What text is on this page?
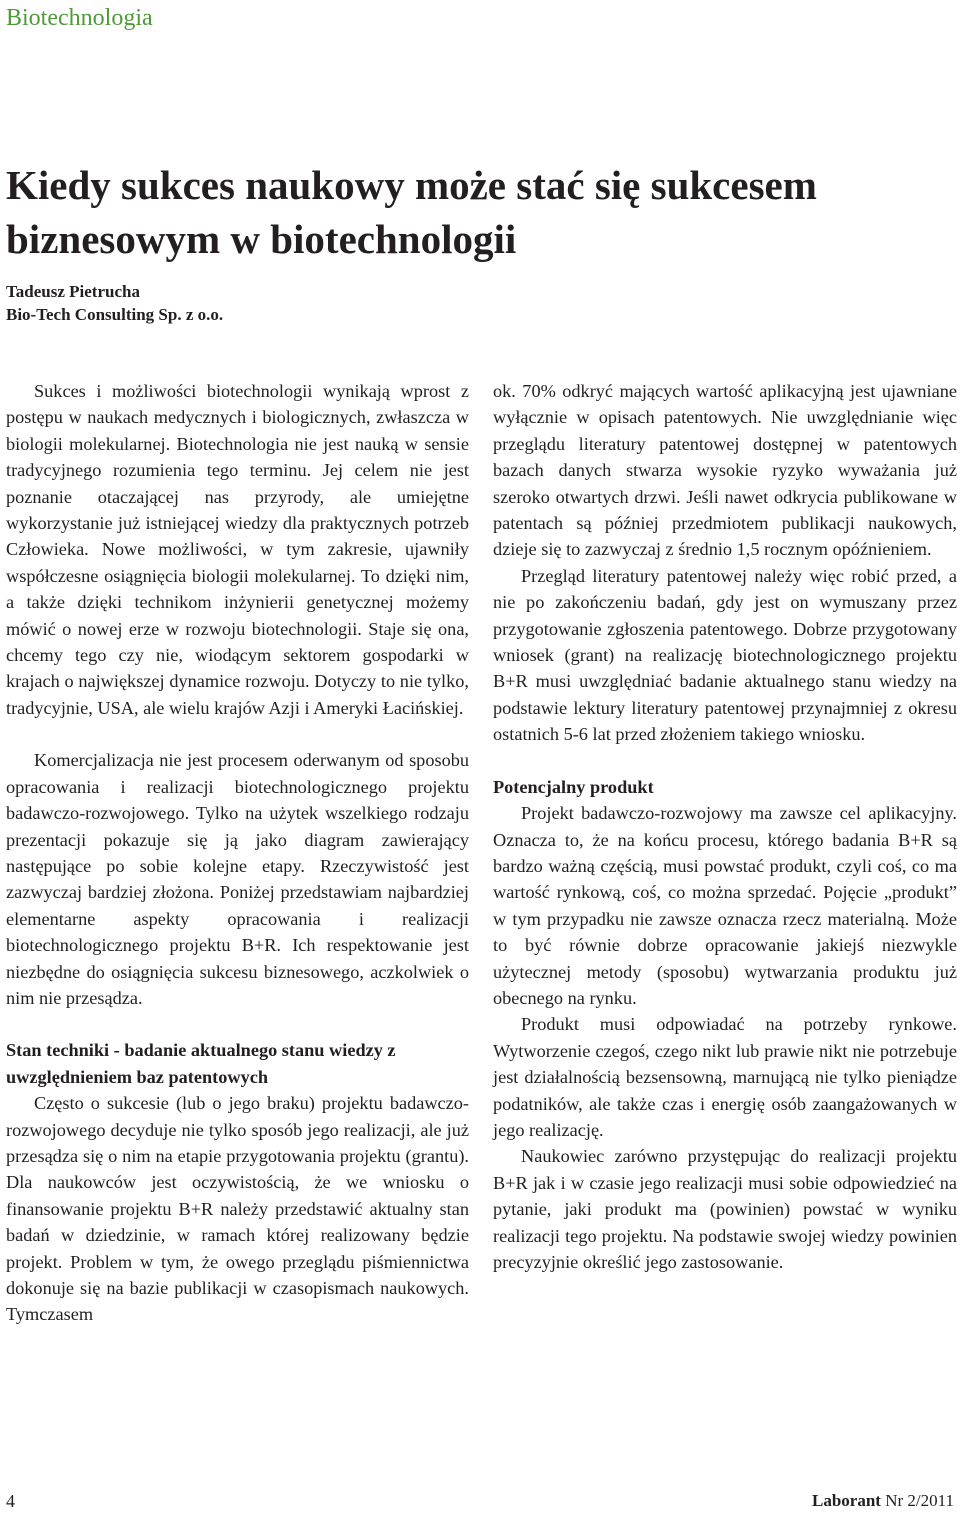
Biotechnologia
Kiedy sukces naukowy może stać się sukcesem
biznesowym w biotechnologii
Tadeusz Pietrucha
Bio-Tech Consulting Sp. z o.o.

Sukces i możliwości biotechnologii wynikają wprost z postępu w naukach medycznych i biologicznych, zwłaszcza w biologii molekularnej. Biotechnologia nie jest nauką w sensie tradycyjnego rozumienia tego terminu. Jej celem nie jest poznanie otaczającej nas przyrody, ale umiejętne wykorzystanie już istniejącej wiedzy dla praktycznych potrzeb Człowieka. Nowe możliwości, w tym zakresie, ujawniły współczesne osiągnięcia biologii molekularnej. To dzięki nim, a także dzięki technikom inżynierii genetycznej możemy mówić o nowej erze w rozwoju biotechnologii. Staje się ona, chcemy tego czy nie, wiodącym sektorem gospodarki w krajach o największej dynamice rozwoju. Dotyczy to nie tylko, tradycyjnie, USA, ale wielu krajów Azji i Ameryki Łacińskiej.

Komercjalizacja nie jest procesem oderwanym od sposobu opracowania i realizacji biotechnologicznego projektu badawczo-rozwojowego. Tylko na użytek wszelkiego rodzaju prezentacji pokazuje się ją jako diagram zawierający następujące po sobie kolejne etapy. Rzeczywistość jest zazwyczaj bardziej złożona. Poniżej przedstawiam najbardziej elementarne aspekty opracowania i realizacji biotechnologicznego projektu B+R. Ich respektowanie jest niezbędne do osiągnięcia sukcesu biznesowego, aczkolwiek o nim nie przesądza.

Stan techniki - badanie aktualnego stanu wiedzy z uwzględnieniem baz patentowych

Często o sukcesie (lub o jego braku) projektu badawczo-rozwojowego decyduje nie tylko sposób jego realizacji, ale już przesądza się o nim na etapie przygotowania projektu (grantu). Dla naukowców jest oczywistością, że we wniosku o finansowanie projektu B+R należy przedstawić aktualny stan badań w dziedzinie, w ramach której realizowany będzie projekt. Problem w tym, że owego przeglądu piśmiennictwa dokonuje się na bazie publikacji w czasopismach naukowych. Tymczasem

ok. 70% odkryć mających wartość aplikacyjną jest ujawniane wyłącznie w opisach patentowych. Nie uwzględnianie więc przeglądu literatury patentowej dostępnej w patentowych bazach danych stwarza wysokie ryzyko wyważania już szeroko otwartych drzwi. Jeśli nawet odkrycia publikowane w patentach są później przedmiotem publikacji naukowych, dzieje się to zazwyczaj z średnio 1,5 rocznym opóźnieniem.

Przegląd literatury patentowej należy więc robić przed, a nie po zakończeniu badań, gdy jest on wymuszany przez przygotowanie zgłoszenia patentowego. Dobrze przygotowany wniosek (grant) na realizację biotechnologicznego projektu B+R musi uwzględniać badanie aktualnego stanu wiedzy na podstawie lektury literatury patentowej przynajmniej z okresu ostatnich 5-6 lat przed złożeniem takiego wniosku.

Potencjalny produkt

Projekt badawczo-rozwojowy ma zawsze cel aplikacyjny. Oznacza to, że na końcu procesu, którego badania B+R są bardzo ważną częścią, musi powstać produkt, czyli coś, co ma wartość rynkową, coś, co można sprzedać. Pojęcie „produkt” w tym przypadku nie zawsze oznacza rzecz materialną. Może to być równie dobrze opracowanie jakiejś niezwykle użytecznej metody (sposobu) wytwarzania produktu już obecnego na rynku.

Produkt musi odpowiadać na potrzeby rynkowe. Wytworzenie czegoś, czego nikt lub prawie nikt nie potrzebuje jest działalnością bezsensowną, marnującą nie tylko pieniądze podatników, ale także czas i energię osób zaangażowanych w jego realizację.

Naukowiec zarówno przystępując do realizacji projektu B+R jak i w czasie jego realizacji musi sobie odpowiedzieć na pytanie, jaki produkt ma (powinien) powstać w wyniku realizacji tego projektu. Na podstawie swojej wiedzy powinien precyzyjnie określić jego zastosowanie.

4	Laborant Nr 2/2011
